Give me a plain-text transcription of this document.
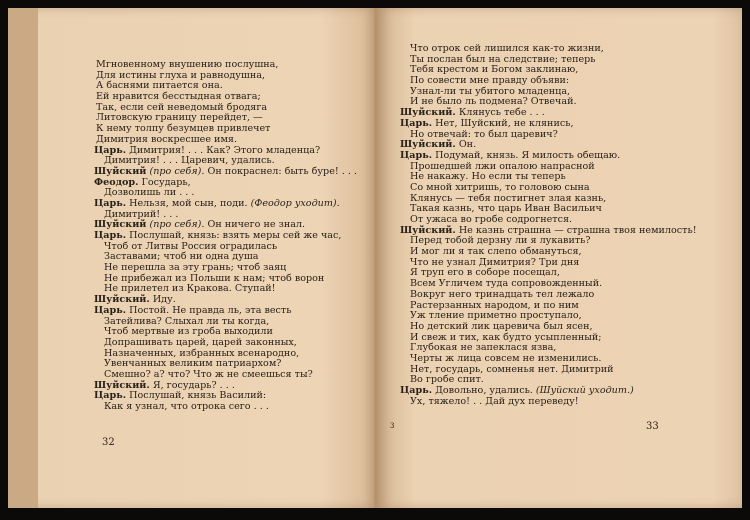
Мгновенному внушению послушна,
Для истины глуха и равнодушна,
А баснями питается она.
Ей нравится бесстыдная отвага;
Так, если сей неведомый бродяга
Литовскую границу перейдет, —
К нему толпу безумцев привлечет
Димитрия воскресшее имя.
Царь. Димитрия! . . . Как? Этого младенца?
Димитрия! . . . Царевич, удались.
Шуйский (про себя). Он покраснел: быть буре! . . .
Феодор. Государь,
Дозволишь ли . . .
Царь. Нельзя, мой сын, поди. (Феодор уходит).
Димитрий! . . .
Шуйский (про себя). Он ничего не знал.
Царь. Послушай, князь: взять меры сей же час,
Чтоб от Литвы Россия оградилась
Заставами; чтоб ни одна душа
Не перешла за эту грань; чтоб заяц
Не прибежал из Польши к нам; чтоб ворон
Не прилетел из Кракова. Ступай!
Шуйский. Иду.
Царь. Постой. Не правда ль, эта весть
Затейлива? Слыхал ли ты когда,
Чтоб мертвые из гроба выходили
Допрашивать царей, царей законных,
Назначенных, избранных всенародно,
Увенчанных великим патриархом?
Смешно? а? что? Что ж не смеешься ты?
Шуйский. Я, государь? . . .
Царь. Послушай, князь Василий:
Как я узнал, что отрока сего . . .
32
Что отрок сей лишился как-то жизни,
Ты послан был на следствие; теперь
Тебя крестом и Богом заклинаю,
По совести мне правду объяви:
Узнал-ли ты убитого младенца,
И не было ль подмена? Отвечай.
Шуйский. Клянусь тебе . . .
Царь. Нет, Шуйский, не клянись,
Но отвечай: то был царевич?
Шуйский. Он.
Царь. Подумай, князь. Я милость обещаю.
Прошедшей лжи опалою напрасной
Не накажу. Но если ты теперь
Со мной хитришь, то головою сына
Клянусь — тебя постигнет злая казнь,
Такая казнь, что царь Иван Васильич
От ужаса во гробе содрогнется.
Шуйский. Не казнь страшна — страшна твоя немилость!
Перед тобой дерзну ли я лукавить?
И мог ли я так слепо обмануться,
Что не узнал Димитрия? Три дня
Я труп его в соборе посещал,
Всем Угличем туда сопровожденный.
Вокруг него тринадцать тел лежало
Растерзанных народом, и по ним
Уж тление приметно проступало,
Но детский лик царевича был ясен,
И свеж и тих, как будто усыпленный;
Глубокая не запеклася язва,
Черты ж лица совсем не изменились.
Нет, государь, сомненья нет. Димитрий
Во гробе спит.
Царь. Довольно, удались. (Шуйский уходит.)
Ух, тяжело! . . Дай дух переведу!
3	33
